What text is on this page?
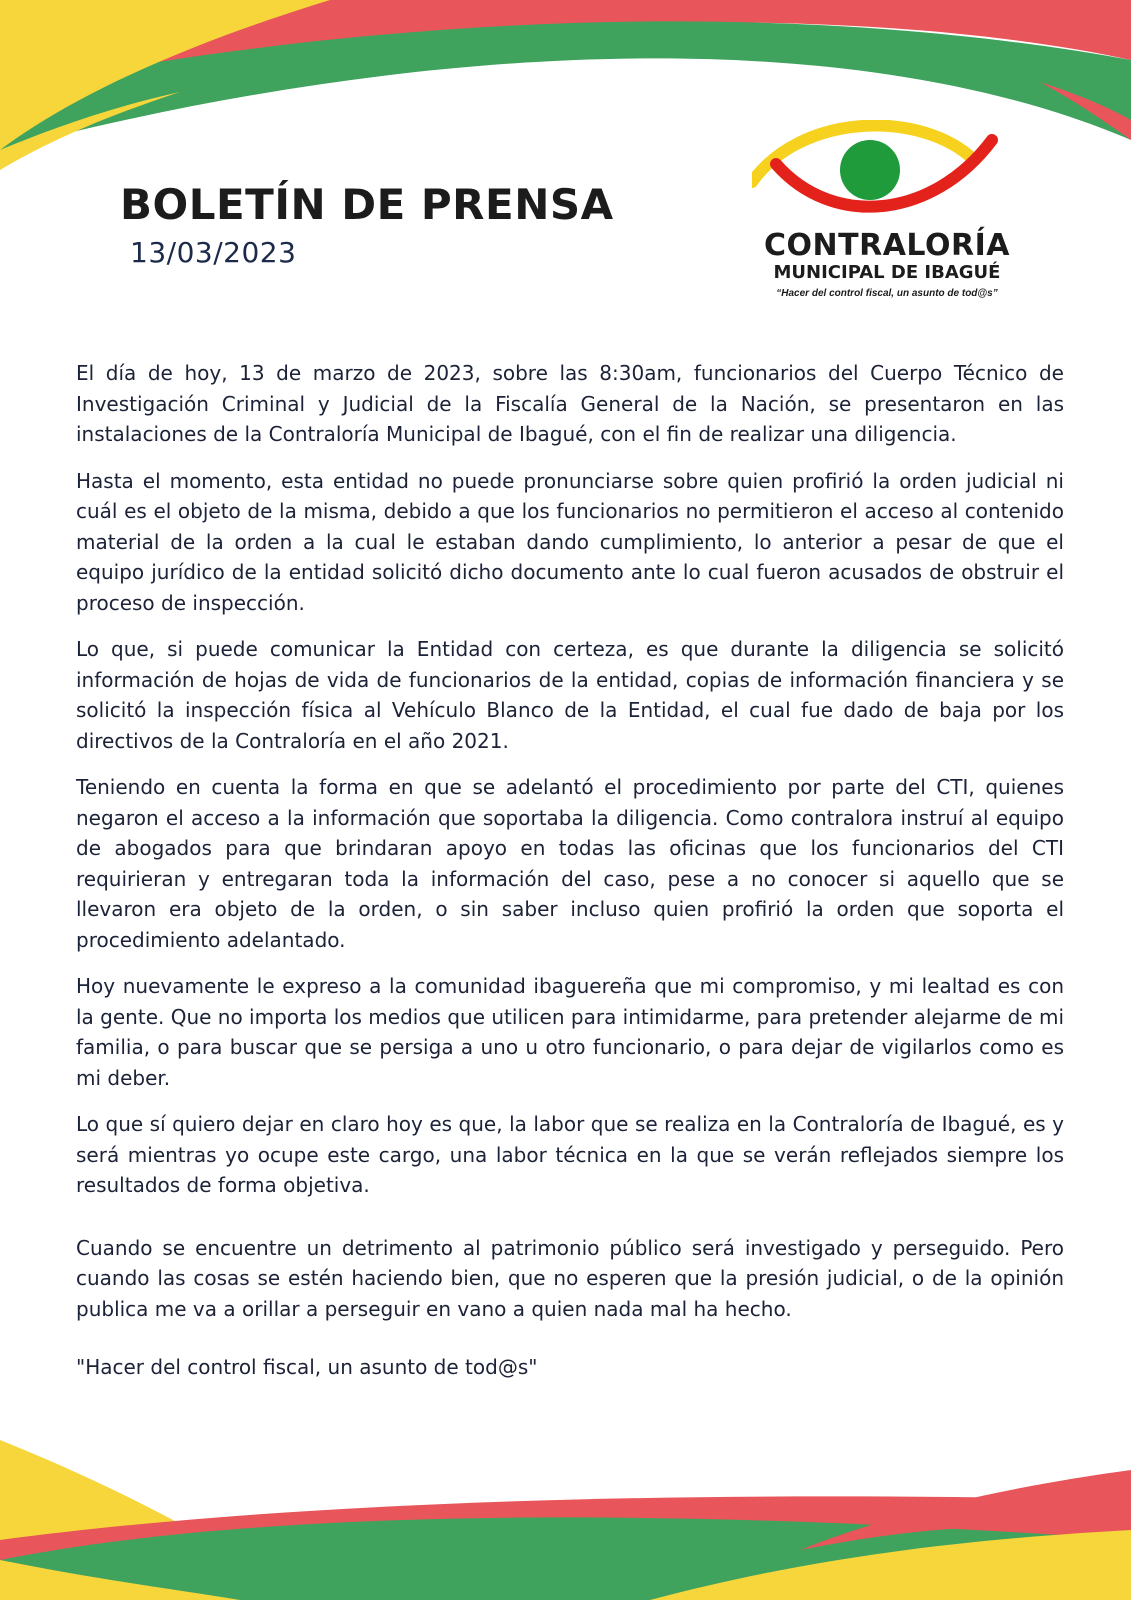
BOLETÍN DE PRENSA
13/03/2023	CONTRALORÍA
MUNICIPAL DE IBAGUÉ
“Hacer del control fiscal, un asunto de tod@s”

El día de hoy, 13 de marzo de 2023, sobre las 8:30am, funcionarios del Cuerpo Técnico de Investigación Criminal y Judicial de la Fiscalía General de la Nación, se presentaron en las instalaciones de la Contraloría Municipal de Ibagué, con el fin de realizar una diligencia.

Hasta el momento, esta entidad no puede pronunciarse sobre quien profirió la orden judicial ni cuál es el objeto de la misma, debido a que los funcionarios no permitieron el acceso al contenido material de la orden a la cual le estaban dando cumplimiento, lo anterior a pesar de que el equipo jurídico de la entidad solicitó dicho documento ante lo cual fueron acusados de obstruir el proceso de inspección.

Lo que, si puede comunicar la Entidad con certeza, es que durante la diligencia se solicitó información de hojas de vida de funcionarios de la entidad, copias de información financiera y se solicitó la inspección física al Vehículo Blanco de la Entidad, el cual fue dado de baja por los directivos de la Contraloría en el año 2021.

Teniendo en cuenta la forma en que se adelantó el procedimiento por parte del CTI, quienes negaron el acceso a la información que soportaba la diligencia. Como contralora instruí al equipo de abogados para que brindaran apoyo en todas las oficinas que los funcionarios del CTI requirieran y entregaran toda la información del caso, pese a no conocer si aquello que se llevaron era objeto de la orden, o sin saber incluso quien profirió la orden que soporta el procedimiento adelantado.

Hoy nuevamente le expreso a la comunidad ibaguereña que mi compromiso, y mi lealtad es con la gente. Que no importa los medios que utilicen para intimidarme, para pretender alejarme de mi familia, o para buscar que se persiga a uno u otro funcionario, o para dejar de vigilarlos como es mi deber.

Lo que sí quiero dejar en claro hoy es que, la labor que se realiza en la Contraloría de Ibagué, es y será mientras yo ocupe este cargo, una labor técnica en la que se verán reflejados siempre los resultados de forma objetiva.

Cuando se encuentre un detrimento al patrimonio público será investigado y perseguido. Pero cuando las cosas se estén haciendo bien, que no esperen que la presión judicial, o de la opinión publica me va a orillar a perseguir en vano a quien nada mal ha hecho.

"Hacer del control fiscal, un asunto de tod@s"
